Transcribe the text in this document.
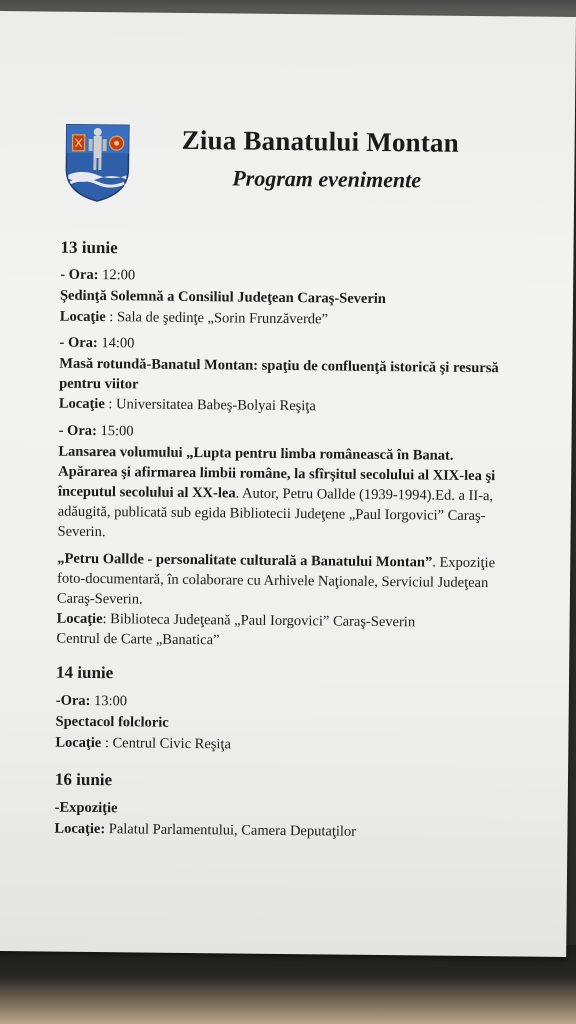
Ziua Banatului Montan
Program evenimente
13 iunie
- Ora: 12:00
Şedinţă Solemnă a Consiliul Judeţean Caraş-Severin
Locaţie : Sala de şedinţe „Sorin Frunzăverde”
- Ora: 14:00
Masă rotundă-Banatul Montan: spaţiu de confluenţă istorică şi resursă
pentru viitor
Locaţie : Universitatea Babeş-Bolyai Reşiţa
- Ora: 15:00
Lansarea volumului „Lupta pentru limba românească în Banat.
Apărarea şi afirmarea limbii române, la sfîrşitul secolului al XIX-lea şi
începutul secolului al XX-lea. Autor, Petru Oallde (1939-1994).Ed. a II-a,
adăugită, publicată sub egida Bibliotecii Judeţene „Paul Iorgovici” Caraş-
Severin.
„Petru Oallde - personalitate culturală a Banatului Montan”. Expoziţie
foto-documentară, în colaborare cu Arhivele Naţionale, Serviciul Judeţean
Caraş-Severin.
Locaţie: Biblioteca Judeţeană „Paul Iorgovici” Caraş-Severin
Centrul de Carte „Banatica”
14 iunie
-Ora: 13:00
Spectacol folcloric
Locaţie : Centrul Civic Reşiţa
16 iunie
-Expoziţie
Locaţie: Palatul Parlamentului, Camera Deputaţilor
